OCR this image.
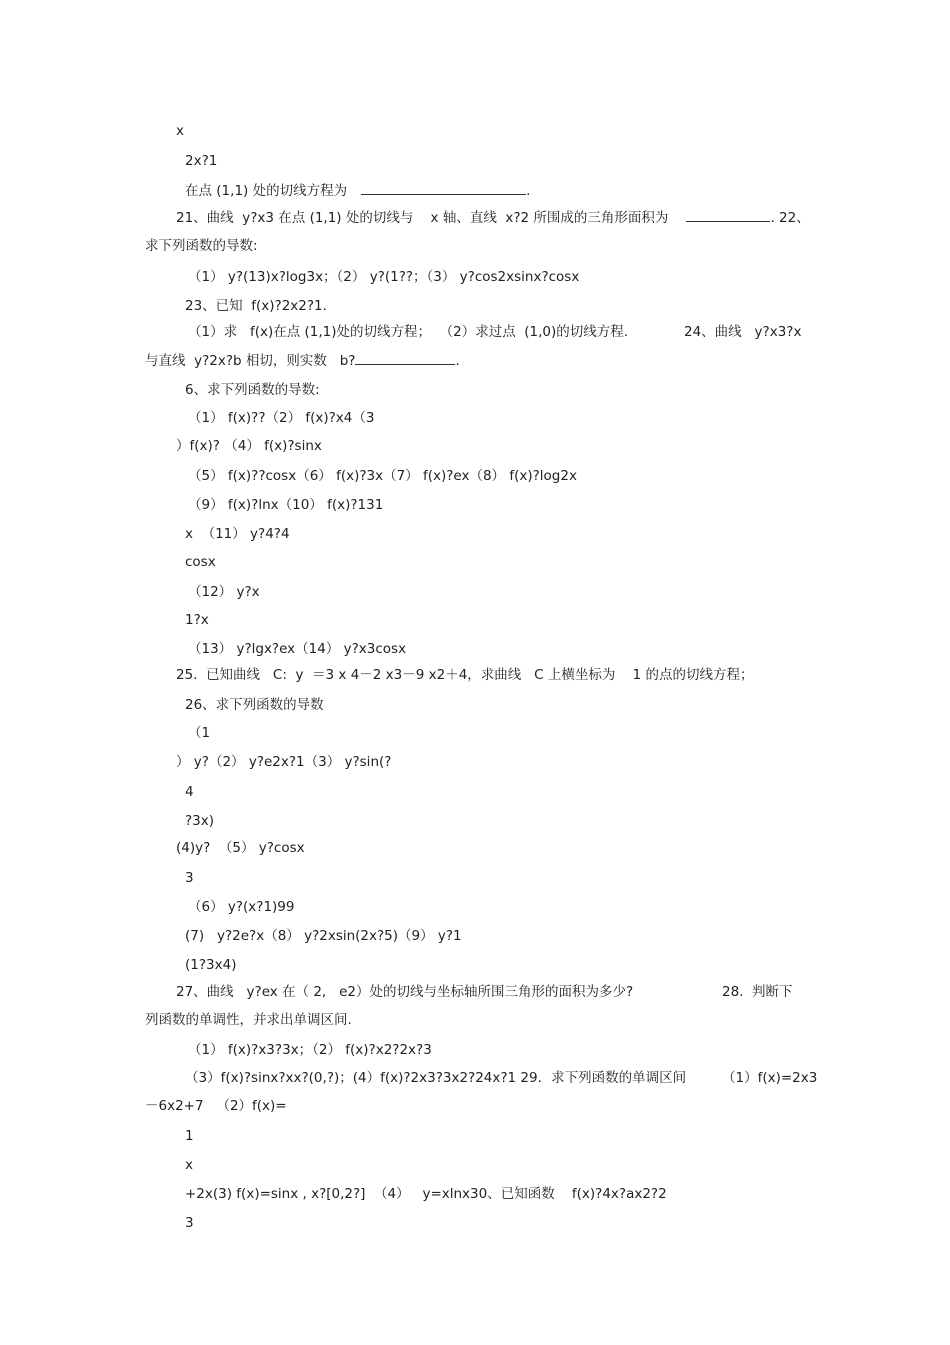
x
2x?1
在点 (1,1) 处的切线方程为	.
21、曲线  y?x3 在点 (1,1) 处的切线与    x 轴、直线  x?2 所围成的三角形面积为	. 22、
求下列函数的导数:
（1） y?(13)x?log3x；（2） y?(1??；（3） y?cos2xsinx?cosx
23、已知  f(x)?2x2?1．
（1）求   f(x)在点 (1,1)处的切线方程；  （2）求过点  (1,0)的切线方程.	24、曲线   y?x3?x
与直线  y?2x?b 相切，则实数   b?	.
6、求下列函数的导数:
（1） f(x)??（2） f(x)?x4（3
）f(x)? （4） f(x)?sinx
（5） f(x)??cosx（6） f(x)?3x（7） f(x)?ex（8） f(x)?log2x
（9） f(x)?lnx（10） f(x)?131
x  （11） y?4?4
cosx
（12） y?x
1?x
（13） y?lgx?ex（14） y?x3cosx
25.  已知曲线   C:  y  ＝3 x 4－2 x3－9 x2＋4，求曲线   C 上横坐标为    1 的点的切线方程；
26、求下列函数的导数
（1
） y?（2） y?e2x?1（3） y?sin(?
4
?3x)
(4)y?  （5） y?cosx
3
（6） y?(x?1)99
(7)   y?2e?x（8） y?2xsin(2x?5)（9） y?1
(1?3x4)
27、曲线   y?ex 在（ 2,   e2）处的切线与坐标轴所围三角形的面积为多少?	28.  判断下
列函数的单调性，并求出单调区间.
（1） f(x)?x3?3x；（2） f(x)?x2?2x?3
（3）f(x)?sinx?xx?(0,?)；(4）f(x)?2x3?3x2?24x?1 29．求下列函数的单调区间	（1）f(x)=2x3
－6x2+7   （2）f(x)=
1
x
+2x(3) f(x)=sinx , x?[0,2?]  （4）   y=xlnx30、已知函数    f(x)?4x?ax2?2
3
